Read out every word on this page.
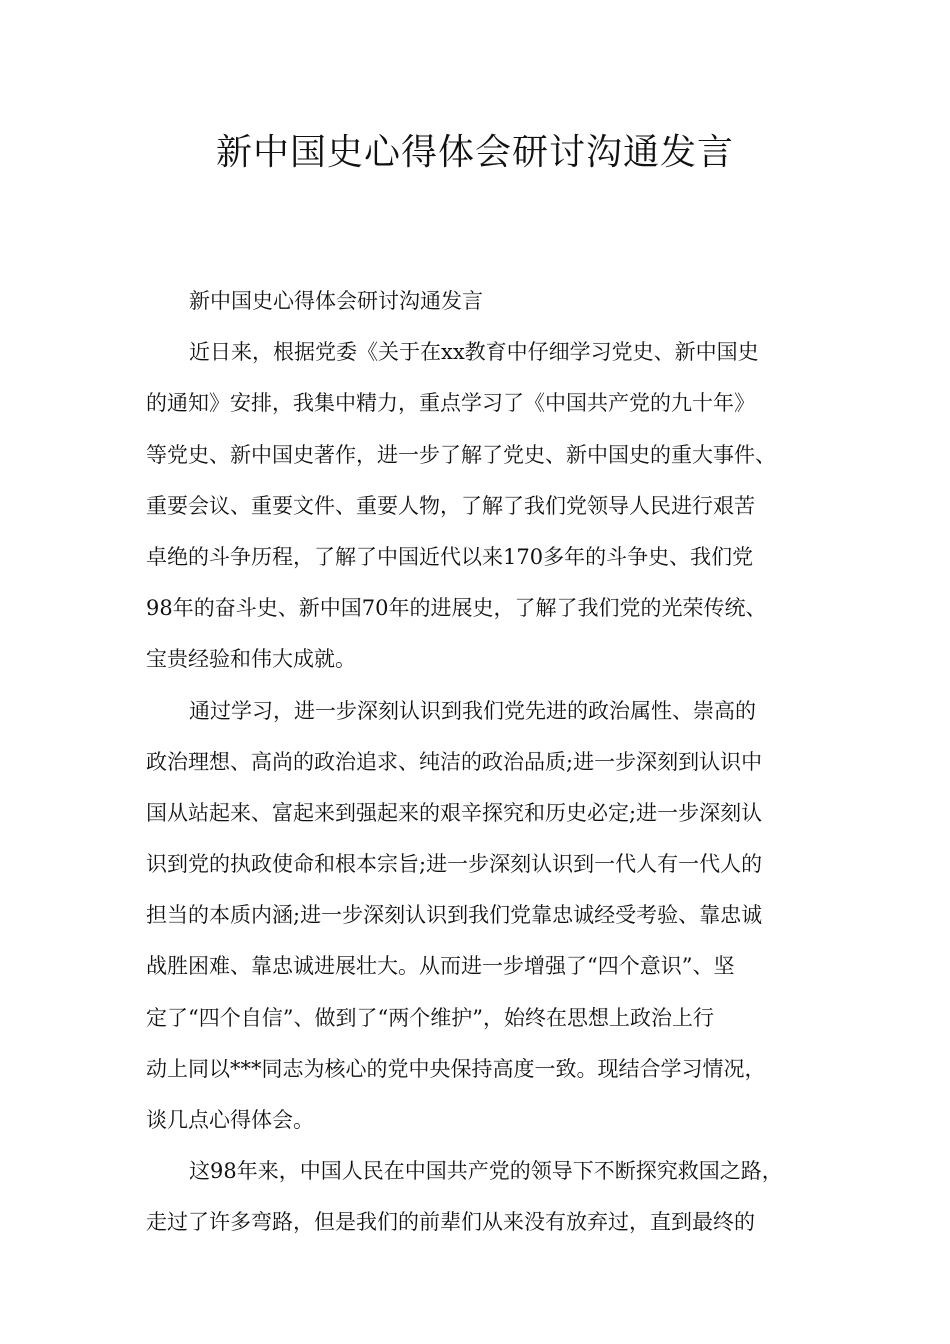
新中国史心得体会研讨沟通发言
新中国史心得体会研讨沟通发言
近日来，根据党委《关于在xx教育中仔细学习党史、新中国史
的通知》安排，我集中精力，重点学习了《中国共产党的九十年》
等党史、新中国史著作，进一步了解了党史、新中国史的重大事件、
重要会议、重要文件、重要人物，了解了我们党领导人民进行艰苦
卓绝的斗争历程，了解了中国近代以来170多年的斗争史、我们党
98年的奋斗史、新中国70年的进展史，了解了我们党的光荣传统、
宝贵经验和伟大成就。
通过学习，进一步深刻认识到我们党先进的政治属性、崇高的
政治理想、高尚的政治追求、纯洁的政治品质;进一步深刻到认识中
国从站起来、富起来到强起来的艰辛探究和历史必定;进一步深刻认
识到党的执政使命和根本宗旨;进一步深刻认识到一代人有一代人的
担当的本质内涵;进一步深刻认识到我们党靠忠诚经受考验、靠忠诚
战胜困难、靠忠诚进展壮大。从而进一步增强了“四个意识”、坚
定了“四个自信”、做到了“两个维护”，始终在思想上政治上行
动上同以***同志为核心的党中央保持高度一致。现结合学习情况，
谈几点心得体会。
这98年来，中国人民在中国共产党的领导下不断探究救国之路，
走过了许多弯路，但是我们的前辈们从来没有放弃过，直到最终的
